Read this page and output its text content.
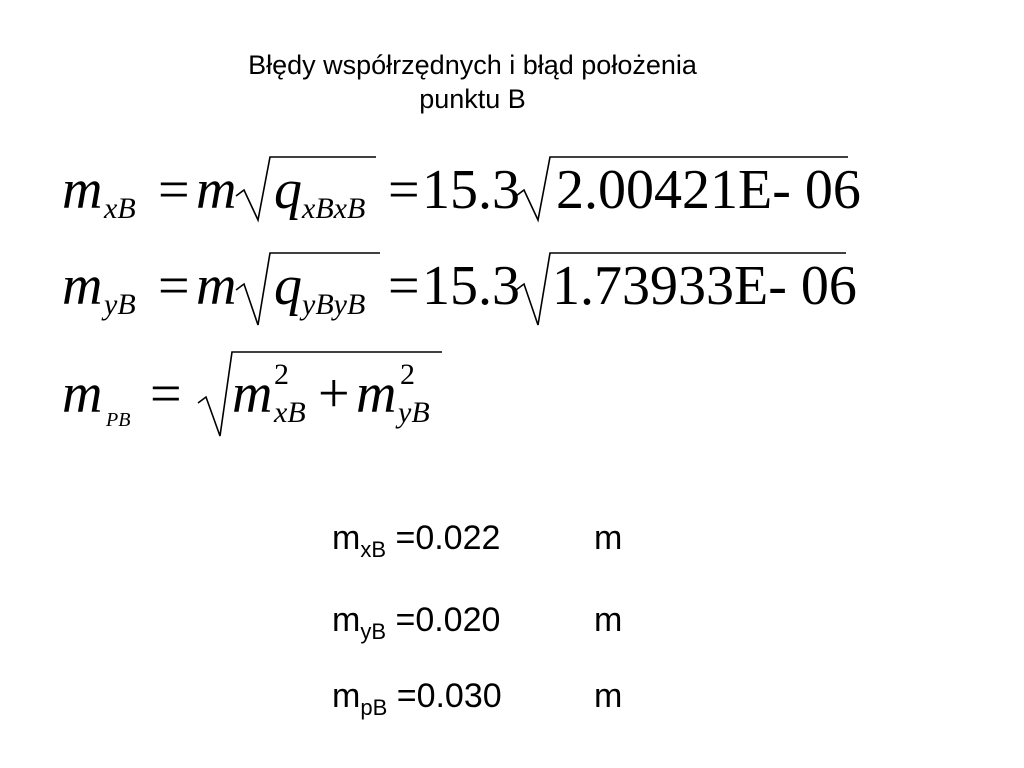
Błędy współrzędnych i błąd położenia
punktu B
m xB = m q xBxB = 15.3 2.00421E- 06
m yB = m q yByB = 15.3 1.73933E- 06
m PB = m 2
xB + m 2
yB
$m_{xB} =0.022$	m
$m_{yB} =0.020$	m
$m_{pB} =0.030$	m
